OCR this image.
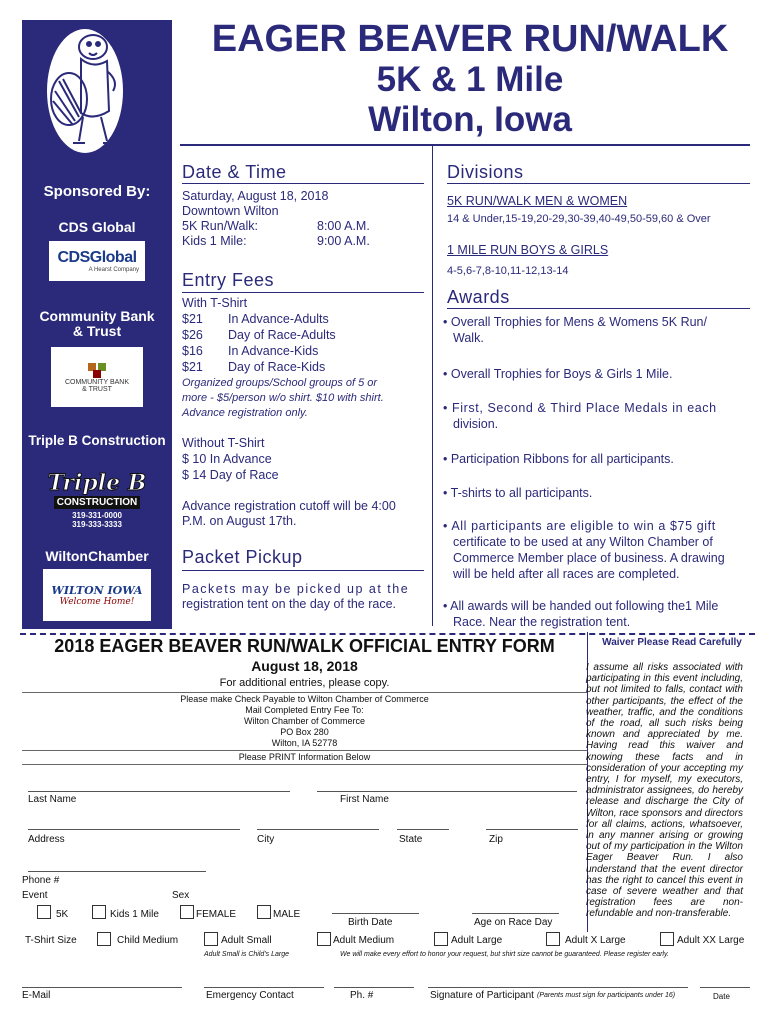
Sponsored By:
CDS Global
CDSGlobal
A Hearst Company
Community Bank
& Trust
COMMUNITY BANK
& TRUST
Triple B Construction
Triple B
CONSTRUCTION
319-331-0000
319-333-3333
WiltonChamber
WILTON IOWA
Welcome Home!
EAGER BEAVER RUN/WALK
5K & 1 Mile
Wilton, Iowa
Date & Time
Saturday, August 18, 2018
Downtown Wilton
5K Run/Walk:	8:00 A.M.
Kids 1 Mile:	9:00 A.M.
Entry Fees
With T-Shirt
$21 In Advance-Adults
$26 Day of Race-Adults
$16 In Advance-Kids
$21 Day of Race-Kids
Organized groups/School groups of 5 or
more - $5/person w/o shirt. $10 with shirt.
Advance registration only.
Without T-Shirt
$ 10 In Advance
$ 14 Day of Race
Advance registration cutoff will be 4:00
P.M. on August 17th.
Packet Pickup
Packets may be picked up at the
registration tent on the day of the race.
Divisions
5K RUN/WALK MEN & WOMEN
14 & Under,15-19,20-29,30-39,40-49,50-59,60 & Over
1 MILE RUN BOYS & GIRLS
4-5,6-7,8-10,11-12,13-14
Awards
• Overall Trophies for Mens & Womens 5K Run/
Walk.
• Overall Trophies for Boys & Girls 1 Mile.
• First, Second & Third Place Medals in each
division.
• Participation Ribbons for all participants.
• T-shirts to all participants.
• All participants are eligible to win a $75 gift
certificate to be used at any Wilton Chamber of
Commerce Member place of business. A drawing
will be held after all races are completed.
• All awards will be handed out following the1 Mile
Race. Near the registration tent.
2018 EAGER BEAVER RUN/WALK OFFICIAL ENTRY FORM
August 18, 2018
For additional entries, please copy.
Please make Check Payable to Wilton Chamber of Commerce
Mail Completed Entry Fee To:
Wilton Chamber of Commerce
PO Box 280
Wilton, IA 52778
Please PRINT Information Below
Last Name	First Name
Address	City	State	Zip
Phone #
Event	Sex
5K	Kids 1 Mile	FEMALE	MALE
Birth Date	Age on Race Day
T-Shirt Size	Child Medium	Adult Small	Adult Medium	Adult Large	Adult X Large	Adult XX Large
Adult Small is Child's Large	We will make every effort to honor your request, but shirt size cannot be guaranteed. Please register early.
E-Mail	Emergency Contact	Ph. #	Signature of Participant (Parents must sign for participants under 16)	Date
Waiver Please Read Carefully
I assume all risks associated with participating in this event including, but not limited to falls, contact with other participants, the effect of the weather, traffic, and the conditions of the road, all such risks being known and appreciated by me. Having read this waiver and knowing these facts and in consideration of your accepting my entry, I for myself, my executors, administrator assignees, do hereby release and discharge the City of Wilton, race sponsors and directors for all claims, actions, whatsoever, in any manner arising or growing out of my participation in the Wilton Eager Beaver Run. I also understand that the event director has the right to cancel this event in case of severe weather and that registration fees are non-refundable and non-transferable.
